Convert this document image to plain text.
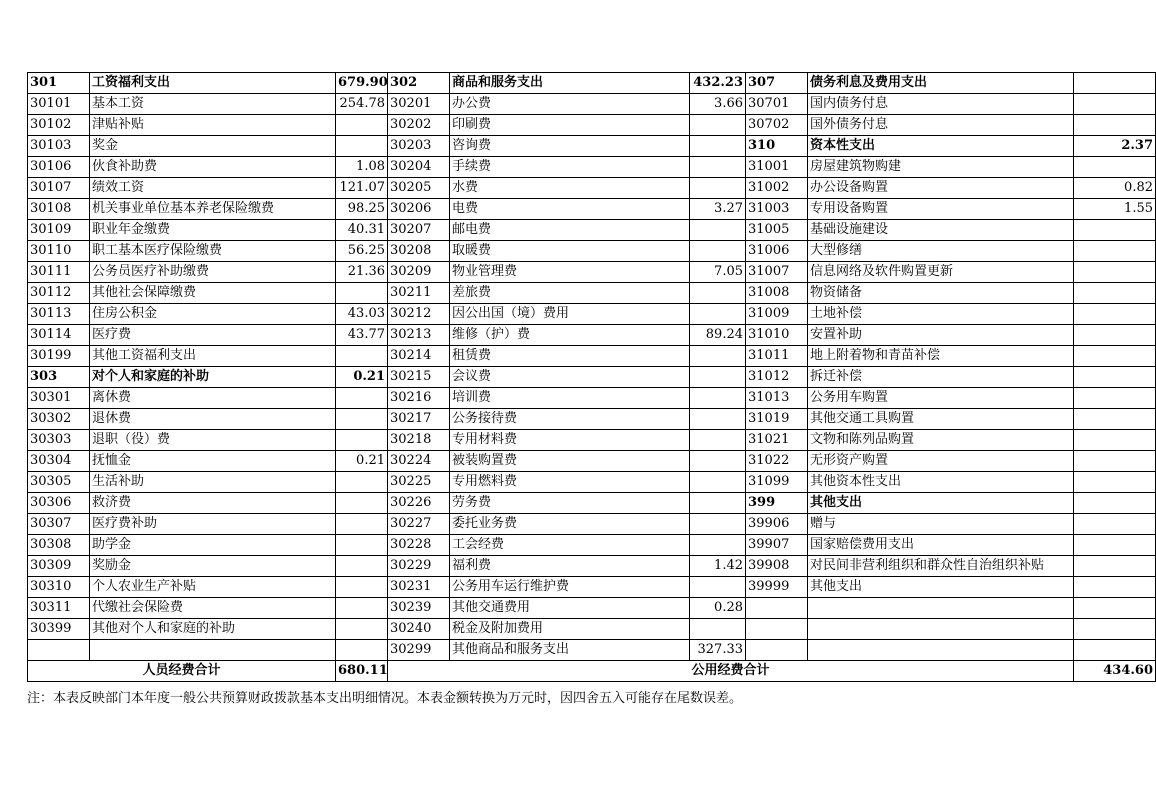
301	工资福利支出	679.90	302	商品和服务支出	432.23	307	债务利息及费用支出	
30101	基本工资	254.78	30201	办公费	3.66	30701	国内债务付息	
30102	津贴补贴		30202	印刷费		30702	国外债务付息	
30103	奖金		30203	咨询费		310	资本性支出	2.37
30106	伙食补助费	1.08	30204	手续费		31001	房屋建筑物购建	
30107	绩效工资	121.07	30205	水费		31002	办公设备购置	0.82
30108	机关事业单位基本养老保险缴费	98.25	30206	电费	3.27	31003	专用设备购置	1.55
30109	职业年金缴费	40.31	30207	邮电费		31005	基础设施建设	
30110	职工基本医疗保险缴费	56.25	30208	取暖费		31006	大型修缮	
30111	公务员医疗补助缴费	21.36	30209	物业管理费	7.05	31007	信息网络及软件购置更新	
30112	其他社会保障缴费		30211	差旅费		31008	物资储备	
30113	住房公积金	43.03	30212	因公出国（境）费用		31009	土地补偿	
30114	医疗费	43.77	30213	维修（护）费	89.24	31010	安置补助	
30199	其他工资福利支出		30214	租赁费		31011	地上附着物和青苗补偿	
303	对个人和家庭的补助	0.21	30215	会议费		31012	拆迁补偿	
30301	离休费		30216	培训费		31013	公务用车购置	
30302	退休费		30217	公务接待费		31019	其他交通工具购置	
30303	退职（役）费		30218	专用材料费		31021	文物和陈列品购置	
30304	抚恤金	0.21	30224	被装购置费		31022	无形资产购置	
30305	生活补助		30225	专用燃料费		31099	其他资本性支出	
30306	救济费		30226	劳务费		399	其他支出	
30307	医疗费补助		30227	委托业务费		39906	赠与	
30308	助学金		30228	工会经费		39907	国家赔偿费用支出	
30309	奖励金		30229	福利费	1.42	39908	对民间非营利组织和群众性自治组织补贴	
30310	个人农业生产补贴		30231	公务用车运行维护费		39999	其他支出	
30311	代缴社会保险费		30239	其他交通费用	0.28			
30399	其他对个人和家庭的补助		30240	税金及附加费用				
			30299	其他商品和服务支出	327.33			
人员经费合计		680.11	公用经费合计					434.60
注：本表反映部门本年度一般公共预算财政拨款基本支出明细情况。本表金额转换为万元时，因四舍五入可能存在尾数误差。
